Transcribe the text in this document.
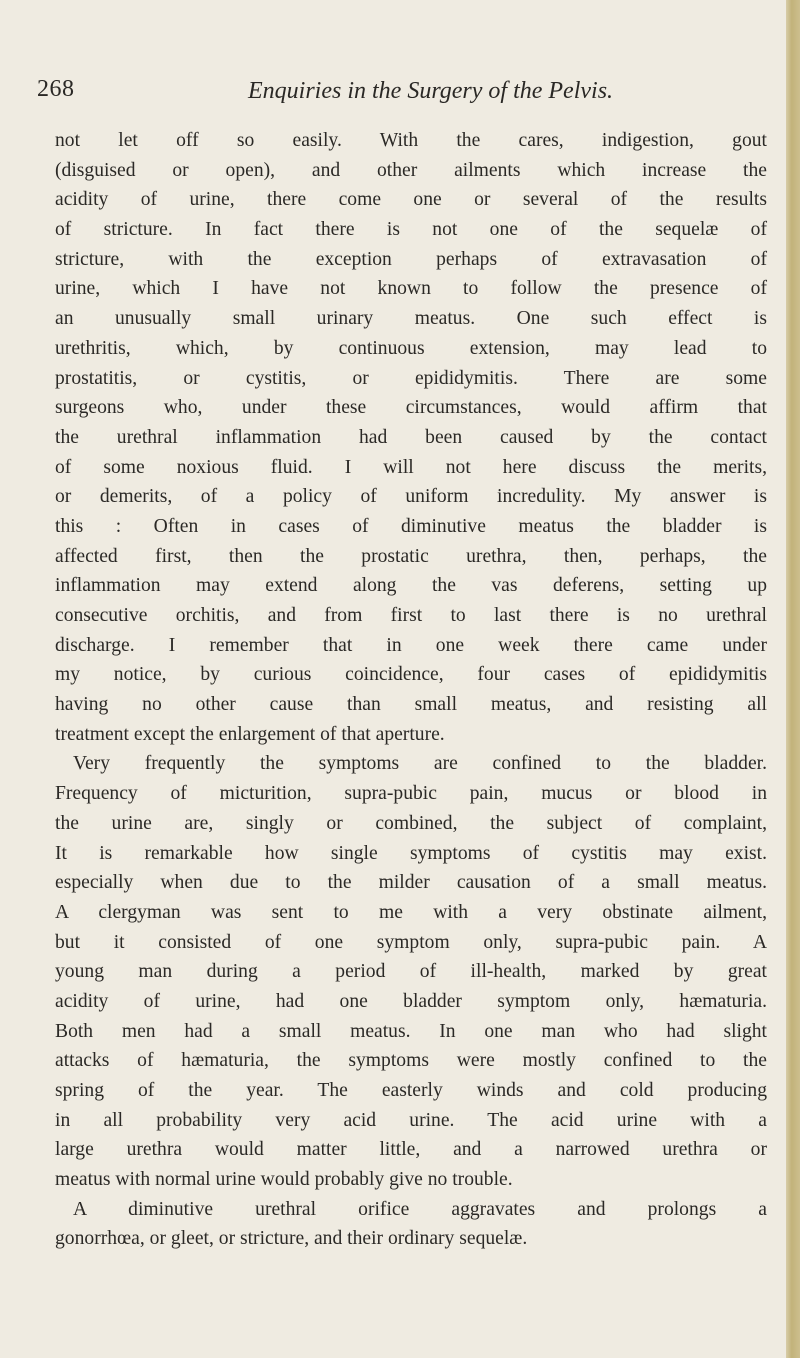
268	Enquiries in the Surgery of the Pelvis.
not let off so easily. With the cares, indigestion, gout
(disguised or open), and other ailments which increase the
acidity of urine, there come one or several of the results
of stricture. In fact there is not one of the sequelæ of
stricture, with the exception perhaps of extravasation of
urine, which I have not known to follow the presence of
an unusually small urinary meatus. One such effect is
urethritis, which, by continuous extension, may lead to
prostatitis, or cystitis, or epididymitis. There are some
surgeons who, under these circumstances, would affirm that
the urethral inflammation had been caused by the contact
of some noxious fluid. I will not here discuss the merits,
or demerits, of a policy of uniform incredulity. My answer is
this : Often in cases of diminutive meatus the bladder is
affected first, then the prostatic urethra, then, perhaps, the
inflammation may extend along the vas deferens, setting up
consecutive orchitis, and from first to last there is no urethral
discharge. I remember that in one week there came under
my notice, by curious coincidence, four cases of epididymitis
having no other cause than small meatus, and resisting all
treatment except the enlargement of that aperture.
Very frequently the symptoms are confined to the bladder.
Frequency of micturition, supra-pubic pain, mucus or blood in
the urine are, singly or combined, the subject of complaint,
It is remarkable how single symptoms of cystitis may exist.
especially when due to the milder causation of a small meatus.
A clergyman was sent to me with a very obstinate ailment,
but it consisted of one symptom only, supra-pubic pain. A
young man during a period of ill-health, marked by great
acidity of urine, had one bladder symptom only, hæmaturia.
Both men had a small meatus. In one man who had slight
attacks of hæmaturia, the symptoms were mostly confined to the
spring of the year. The easterly winds and cold producing
in all probability very acid urine. The acid urine with a
large urethra would matter little, and a narrowed urethra or
meatus with normal urine would probably give no trouble.
A diminutive urethral orifice aggravates and prolongs a
gonorrhœa, or gleet, or stricture, and their ordinary sequelæ.
